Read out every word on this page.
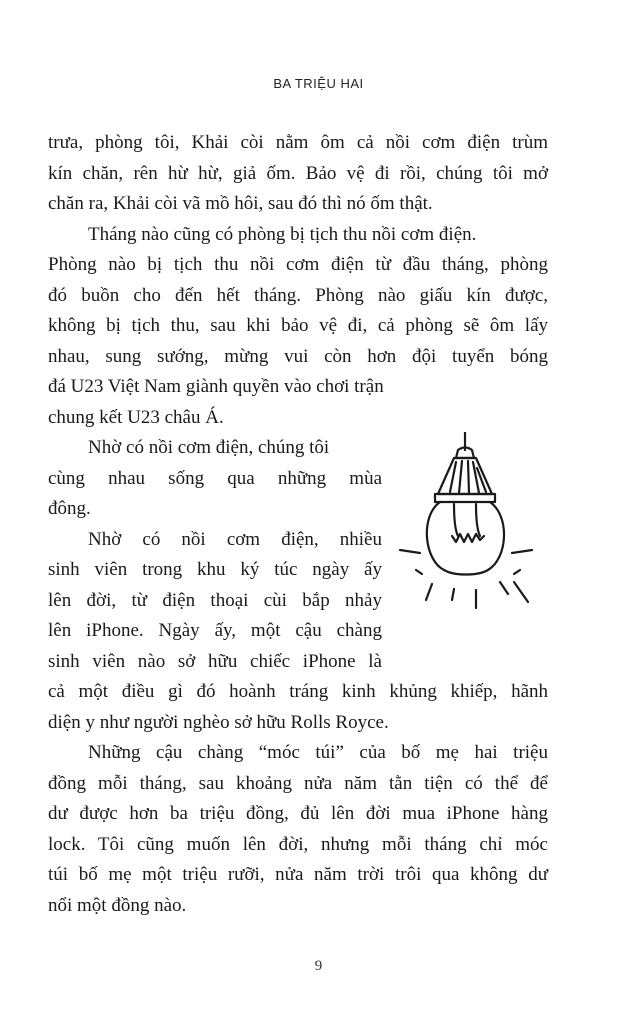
BA TRIỆU HAI
trưa, phòng tôi, Khải còi nằm ôm cả nồi cơm điện trùm
kín chăn, rên hừ hừ, giả ốm. Bảo vệ đi rồi, chúng tôi mở
chăn ra, Khải còi vã mồ hôi, sau đó thì nó ốm thật.
Tháng nào cũng có phòng bị tịch thu nồi cơm điện.
Phòng nào bị tịch thu nồi cơm điện từ đầu tháng, phòng
đó buồn cho đến hết tháng. Phòng nào giấu kín được,
không bị tịch thu, sau khi bảo vệ đi, cả phòng sẽ ôm lấy
nhau, sung sướng, mừng vui còn hơn đội tuyển bóng
đá U23 Việt Nam giành quyền vào chơi trận
chung kết U23 châu Á.
Nhờ có nồi cơm điện, chúng tôi
cùng nhau sống qua những mùa
đông.
Nhờ có nồi cơm điện, nhiều
sinh viên trong khu ký túc ngày ấy
lên đời, từ điện thoại cùi bắp nhảy
lên iPhone. Ngày ấy, một cậu chàng
sinh viên nào sở hữu chiếc iPhone là
cả một điều gì đó hoành tráng kinh khủng khiếp, hãnh
diện y như người nghèo sở hữu Rolls Royce.
Những cậu chàng “móc túi” của bố mẹ hai triệu
đồng mỗi tháng, sau khoảng nửa năm tằn tiện có thể để
dư được hơn ba triệu đồng, đủ lên đời mua iPhone hàng
lock. Tôi cũng muốn lên đời, nhưng mỗi tháng chỉ móc
túi bố mẹ một triệu rưỡi, nửa năm trời trôi qua không dư
nổi một đồng nào.
9
